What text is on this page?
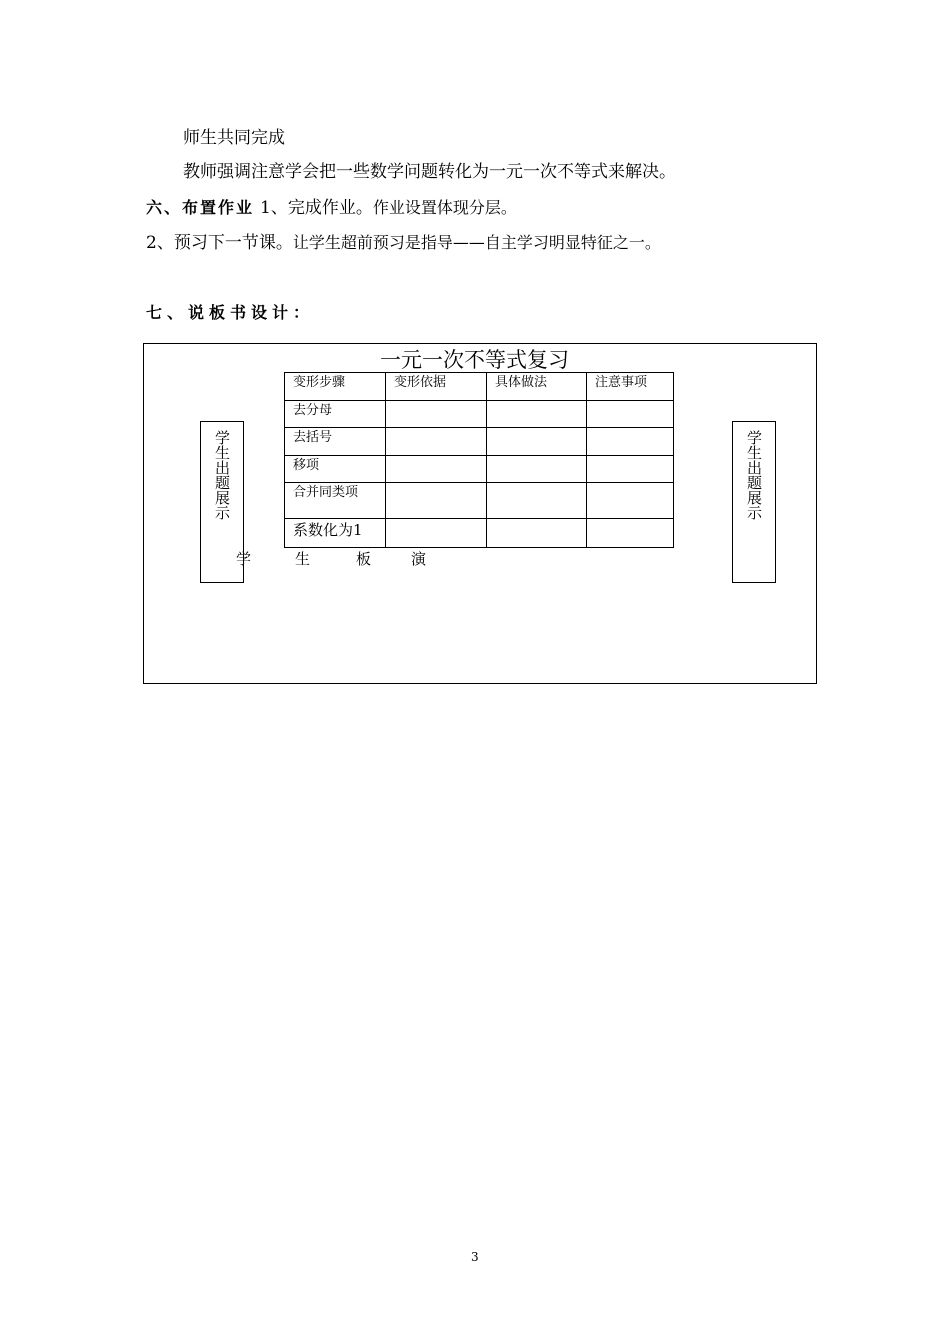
师生共同完成
教师强调注意学会把一些数学问题转化为一元一次不等式来解决。
六、布置作业 1、完成作业。作业设置体现分层。
2、预习下一节课。让学生超前预习是指导——自主学习明显特征之一。
七、说板书设计：
一元一次不等式复习
学生出题展示	学生出题展示
变形步骤	变形依据	具体做法	注意事项
去分母			
去括号			
移项			
合并同类项			
系数化为1			
学	生	板	演
3
